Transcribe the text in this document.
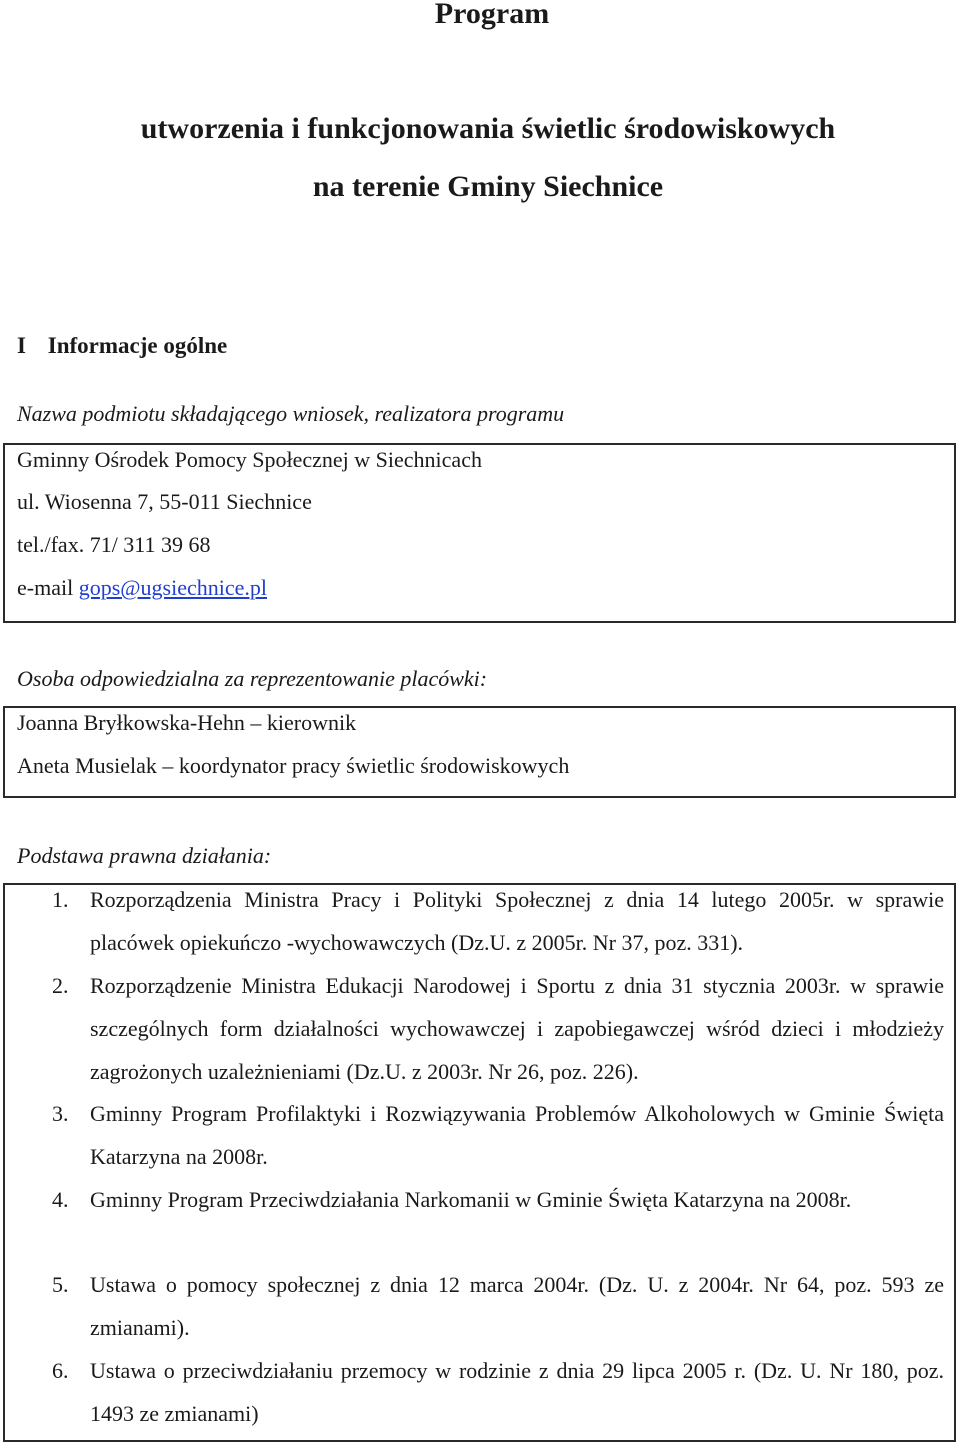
Program
utworzenia i funkcjonowania świetlic środowiskowych
na terenie Gminy Siechnice
I Informacje ogólne
Nazwa podmiotu składającego wniosek, realizatora programu
Gminny Ośrodek Pomocy Społecznej w Siechnicach
ul. Wiosenna 7, 55-011 Siechnice
tel./fax. 71/ 311 39 68
e-mail gops@ugsiechnice.pl
Osoba odpowiedzialna za reprezentowanie placówki:
Joanna Bryłkowska-Hehn – kierownik
Aneta Musielak – koordynator pracy świetlic środowiskowych
Podstawa prawna działania:
1. Rozporządzenia Ministra Pracy i Polityki Społecznej z dnia 14 lutego 2005r. w sprawie placówek opiekuńczo -wychowawczych (Dz.U. z 2005r. Nr 37, poz. 331).
2. Rozporządzenie Ministra Edukacji Narodowej i Sportu z dnia 31 stycznia 2003r. w sprawie szczególnych form działalności wychowawczej i zapobiegawczej wśród dzieci i młodzieży zagrożonych uzależnieniami (Dz.U. z 2003r. Nr 26, poz. 226).
3. Gminny Program Profilaktyki i Rozwiązywania Problemów Alkoholowych w Gminie Święta Katarzyna na 2008r.
4. Gminny Program Przeciwdziałania Narkomanii w Gminie Święta Katarzyna na 2008r.
5. Ustawa o pomocy społecznej z dnia 12 marca 2004r. (Dz. U. z 2004r. Nr 64, poz. 593 ze zmianami).
6. Ustawa o przeciwdziałaniu przemocy w rodzinie z dnia 29 lipca 2005 r. (Dz. U. Nr 180, poz. 1493 ze zmianami)
